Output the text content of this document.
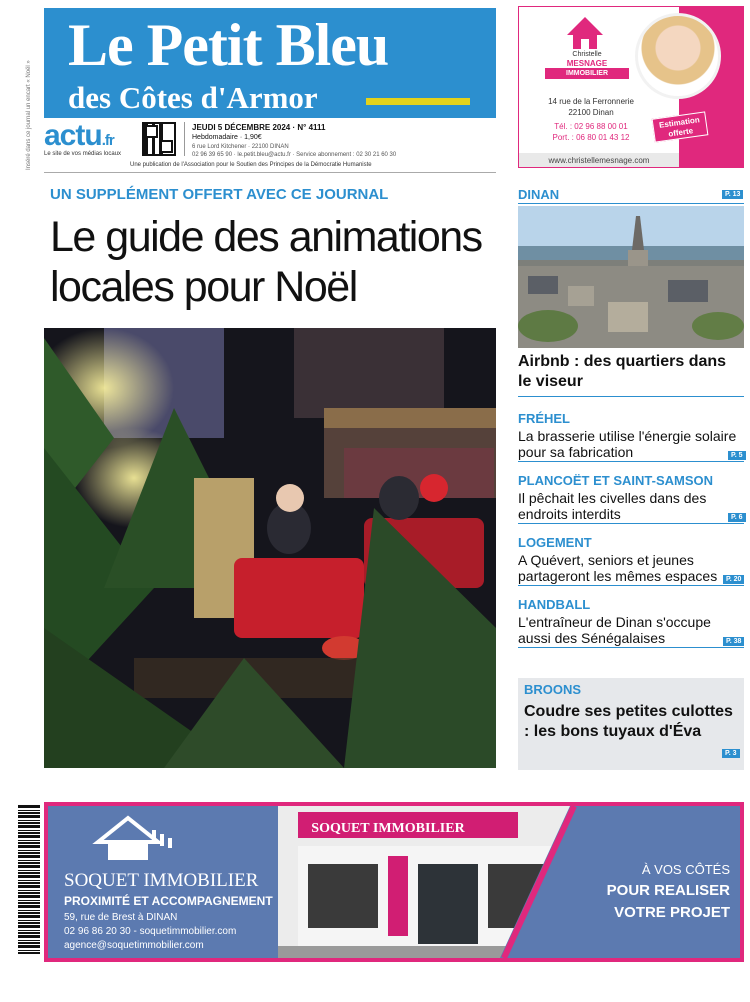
Inséré dans ce journal un encart « Noël »
Le Petit Bleu
des Côtes d'Armor
actu.fr
Le site de vos médias locaux
JEUDI 5 DÉCEMBRE 2024 · N° 4111
Hebdomadaire · 1,90€
6 rue Lord Kitchener · 22100 DINAN
02 96 39 65 90 · le.petit.bleu@actu.fr · Service abonnement : 02 30 21 60 30
Une publication de l'Association pour le Soutien des Principes de la Démocratie Humaniste
Christelle
MESNAGE
IMMOBILIER
14 rue de la Ferronnerie
22100 Dinan
Tél. : 02 96 88 00 01
Port. : 06 80 01 43 12
Estimation offerte
www.christellemesnage.com
UN SUPPLÉMENT OFFERT AVEC CE JOURNAL
Le guide des animations locales pour Noël
DINAN	P. 13
Airbnb : des quartiers dans le viseur
FRÉHEL
La brasserie utilise l'énergie solaire pour sa fabrication	P. 5
PLANCOËT ET SAINT-SAMSON
Il pêchait les civelles dans des endroits interdits	P. 6
LOGEMENT
A Quévert, seniors et jeunes partageront les mêmes espaces	P. 20
HANDBALL
L'entraîneur de Dinan s'occupe aussi des Sénégalaises	P. 38
BROONS
Coudre ses petites culottes : les bons tuyaux d'Éva
P. 3
SOQUET IMMOBILIER
SOQUET IMMOBILIER
PROXIMITÉ ET ACCOMPAGNEMENT
59, rue de Brest à DINAN
02 96 86 20 30 - soquetimmobilier.com
agence@soquetimmobilier.com
À VOS CÔTÉS
POUR REALISER
VOTRE PROJET
